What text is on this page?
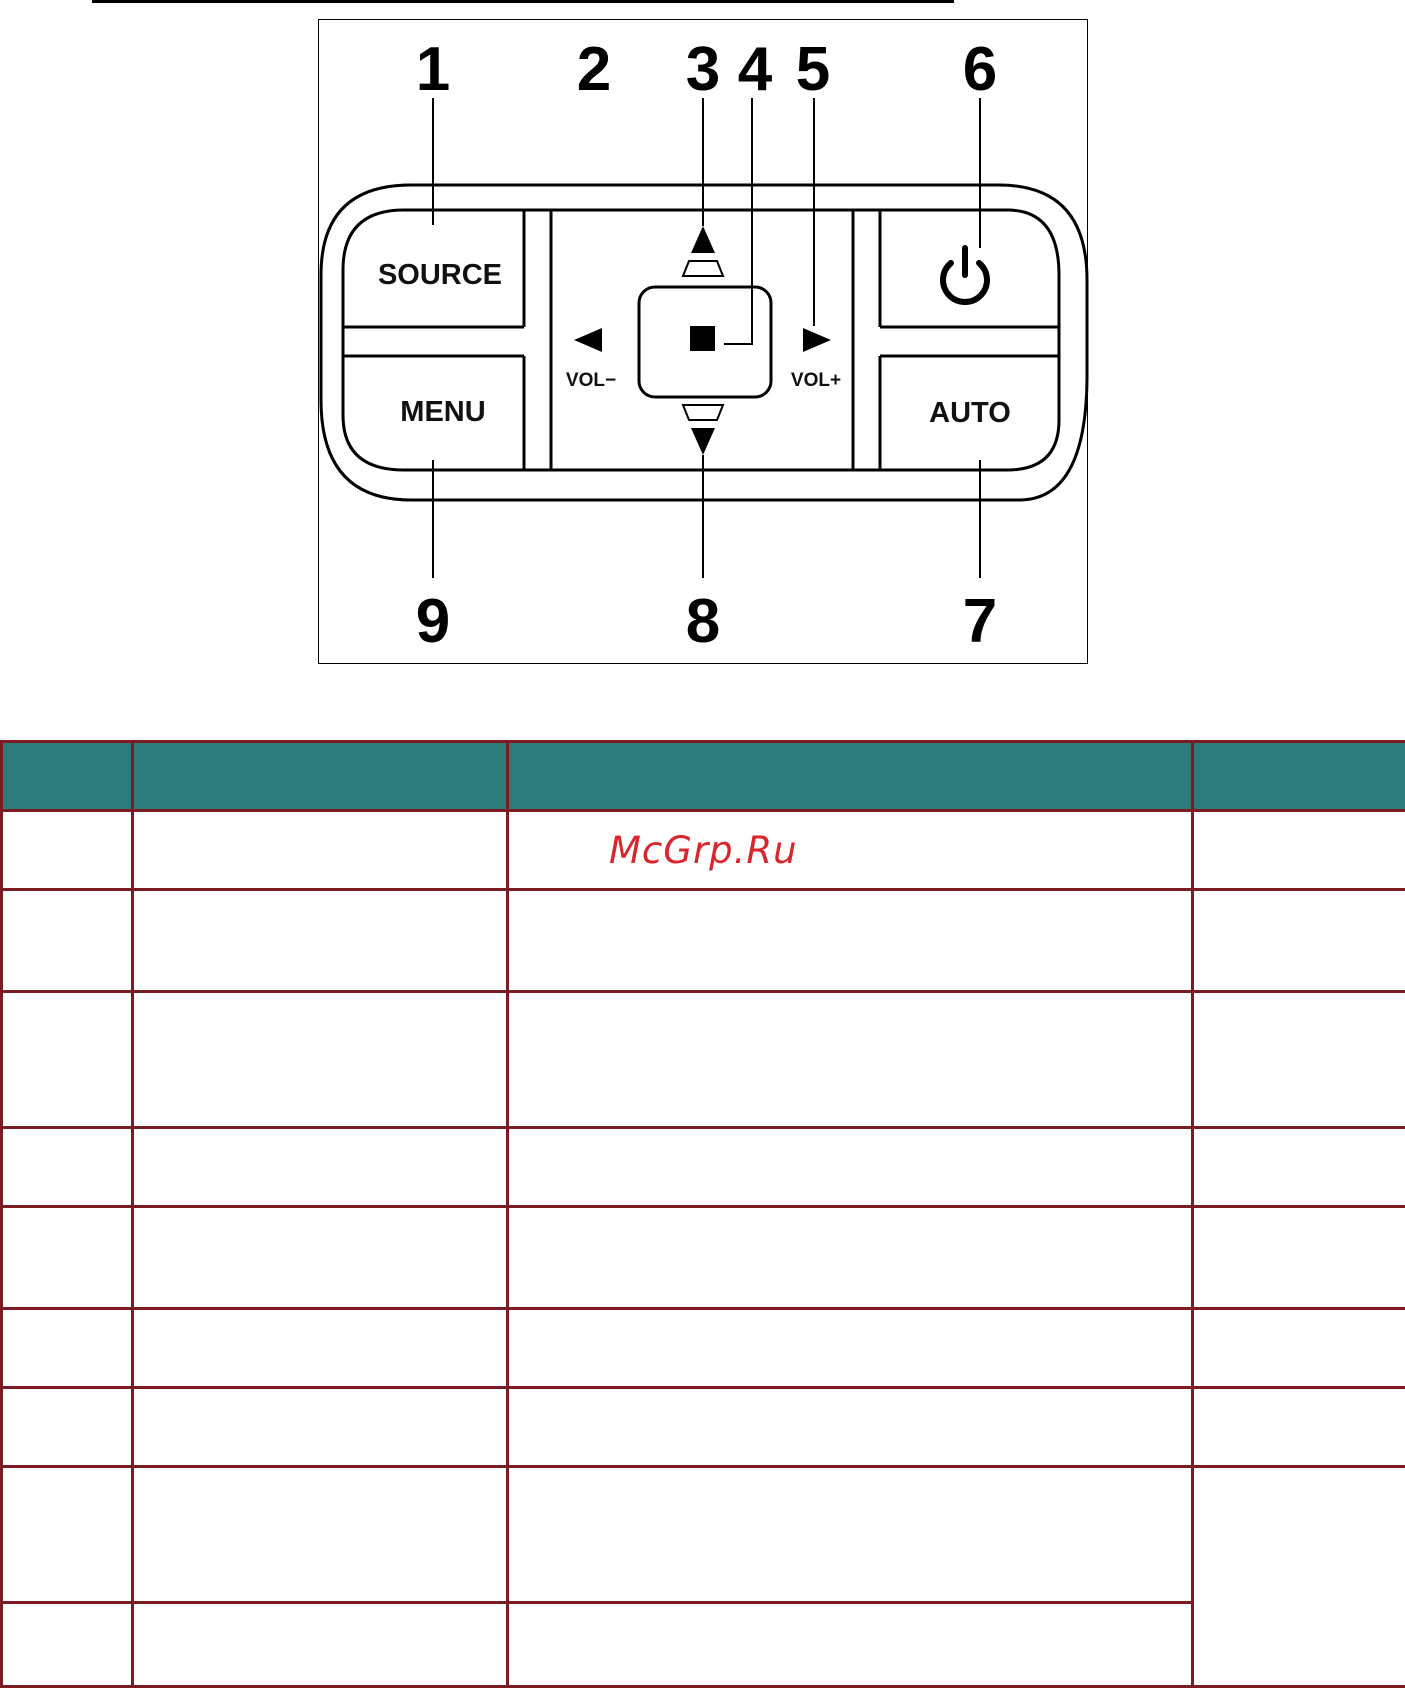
SOURCE
MENU	AUTO
VOL−	VOL+
1 2 3 4 5 6
7
8
9

		McGrp.Ru	
